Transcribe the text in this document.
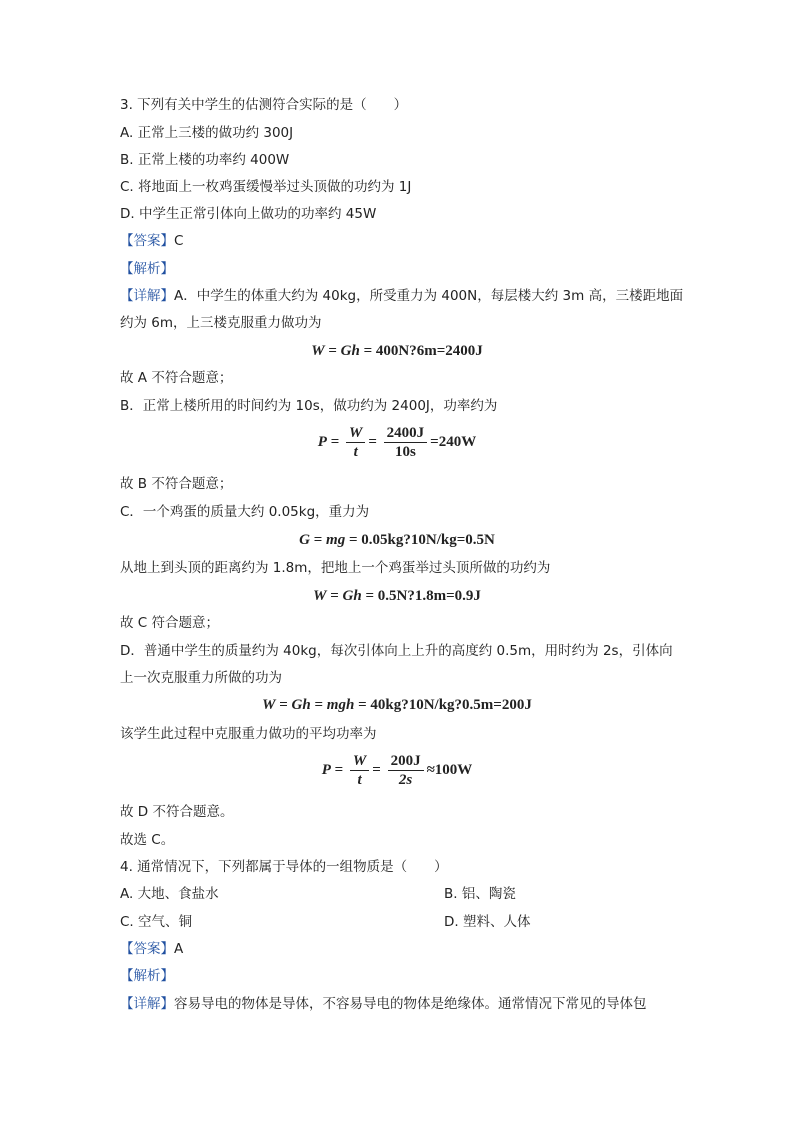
3. 下列有关中学生的估测符合实际的是（　　）
A. 正常上三楼的做功约 300J
B. 正常上楼的功率约 400W
C. 将地面上一枚鸡蛋缓慢举过头顶做的功约为 1J
D. 中学生正常引体向上做功的功率约 45W
【答案】C
【解析】
【详解】A．中学生的体重大约为 40kg，所受重力为 400N，每层楼大约 3m 高，三楼距地面
约为 6m，上三楼克服重力做功为
W = Gh = 400N?6m=2400J
故 A 不符合题意；
B．正常上楼所用的时间约为 10s，做功约为 2400J，功率约为
$P = \frac{W}{t} = \frac{2400J}{10s} =240W$
故 B 不符合题意；
C．一个鸡蛋的质量大约 0.05kg，重力为
G = mg = 0.05kg?10N/kg=0.5N
从地上到头顶的距离约为 1.8m，把地上一个鸡蛋举过头顶所做的功约为
W = Gh = 0.5N?1.8m=0.9J
故 C 符合题意；
D．普通中学生的质量约为 40kg，每次引体向上上升的高度约 0.5m，用时约为 2s，引体向
上一次克服重力所做的功为
W = Gh = mgh = 40kg?10N/kg?0.5m=200J
该学生此过程中克服重力做功的平均功率为
$P = \frac{W}{t} = \frac{200J}{2s} \approx 100W$
故 D 不符合题意。
故选 C。
4. 通常情况下，下列都属于导体的一组物质是（　　）
A. 大地、食盐水	B. 铝、陶瓷
C. 空气、铜	D. 塑料、人体
【答案】A
【解析】
【详解】容易导电的物体是导体，不容易导电的物体是绝缘体。通常情况下常见的导体包
